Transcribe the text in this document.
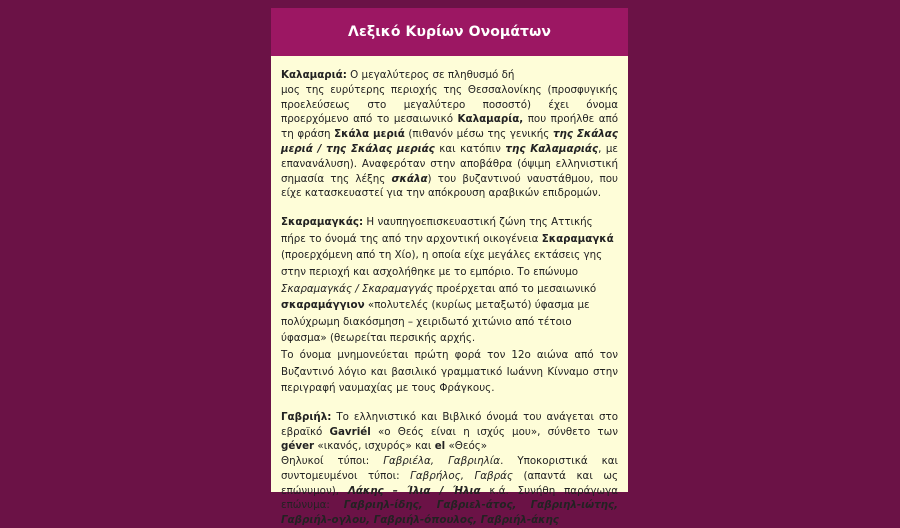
Λεξικό Κυρίων Ονομάτων

Καλαμαριά: Ο μεγαλύτερος σε πληθυσμό δή
μος της ευρύτερης περιοχής της Θεσσαλονίκης (προσφυγικής προελεύσεως στο μεγαλύτερο ποσοστό) έχει όνομα προερχόμενο από το μεσαιωνικό Καλαμαρία, που προήλθε από τη φράση Σκάλα μεριά (πιθανόν μέσω της γενικής της Σκάλας μεριά / της Σκάλας μεριάς και κατόπιν της Καλαμαριάς, με επανανάλυση). Αναφερόταν στην αποβάθρα (όψιμη ελληνιστική σημασία της λέξης σκάλα) του βυζαντινού ναυστάθμου, που είχε κατασκευαστεί για την απόκρουση αραβικών επιδρομών.

Σκαραμαγκάς: Η ναυπηγοεπισκευαστική ζώνη της Αττικής πήρε το όνομά της από την αρχοντική οικογένεια Σκαραμαγκά (προερχόμενη από τη Χίο), η οποία είχε μεγάλες εκτάσεις γης στην περιοχή και ασχολήθηκε με το εμπόριο. Το επώνυμο Σκαραμαγκάς / Σκαραμαγγάς προέρχεται από το μεσαιωνικό σκαραμάγγιον «πολυτελές (κυρίως μεταξωτό) ύφασμα με πολύχρωμη διακόσμηση – χειριδωτό χιτώνιο από τέτοιο ύφασμα» (θεωρείται περσικής αρχής.

Το όνομα μνημονεύεται πρώτη φορά τον 12ο αιώνα από τον Βυζαντινό λόγιο και βασιλικό γραμματικό Ιωάννη Κίνναμο στην περιγραφή ναυμαχίας με τους Φράγκους.

Γαβριήλ: Το ελληνιστικό και Βιβλικό όνομά του ανάγεται στο εβραϊκό Gavriél «ο Θεός είναι η ισχύς μου», σύνθετο των géver «ικανός, ισχυρός» και el «Θεός»

Θηλυκοί τύποι: Γαβριέλα, Γαβριηλία. Υποκοριστικά και συντομευμένοι τύποι: Γαβρήλος, Γαβράς (απαντά και ως επώνυμον), Λάκης – Ίλια / Ήλια κ.ά. Συνήθη παράγωγα επώνυμα: Γαβριηλ-ίδης, Γαβριελ-άτος, Γαβριηλ-ιώτης, Γαβριήλ-ογλου, Γαβριήλ-όπουλος, Γαβριήλ-άκης
